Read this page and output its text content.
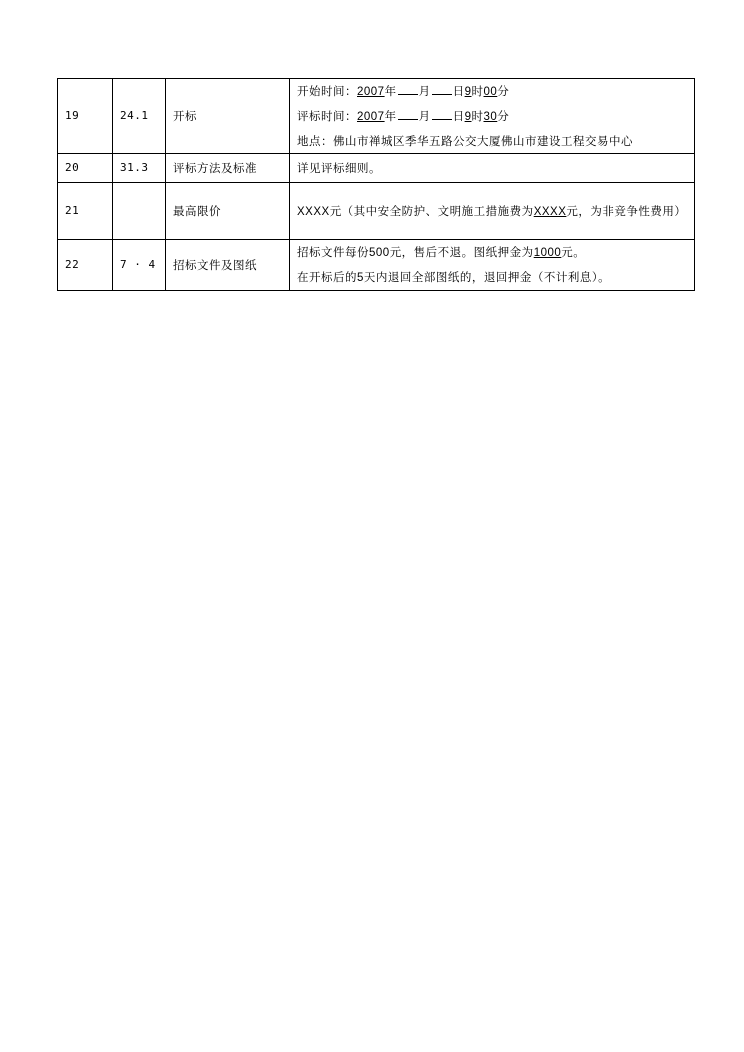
19	24.1	开标	开始时间：2007年 月 日9时00分
评标时间：2007年 月 日9时30分
地点：佛山市禅城区季华五路公交大厦佛山市建设工程交易中心

20	31.3	评标方法及标准	详见评标细则。
21		最高限价	XXXX元（其中安全防护、文明施工措施费为XXXX元，为非竞争性费用）

22	7 · 4	招标文件及图纸	招标文件每份500元，售后不退。图纸押金为1000元。
在开标后的5天内退回全部图纸的，退回押金（不计利息）。
